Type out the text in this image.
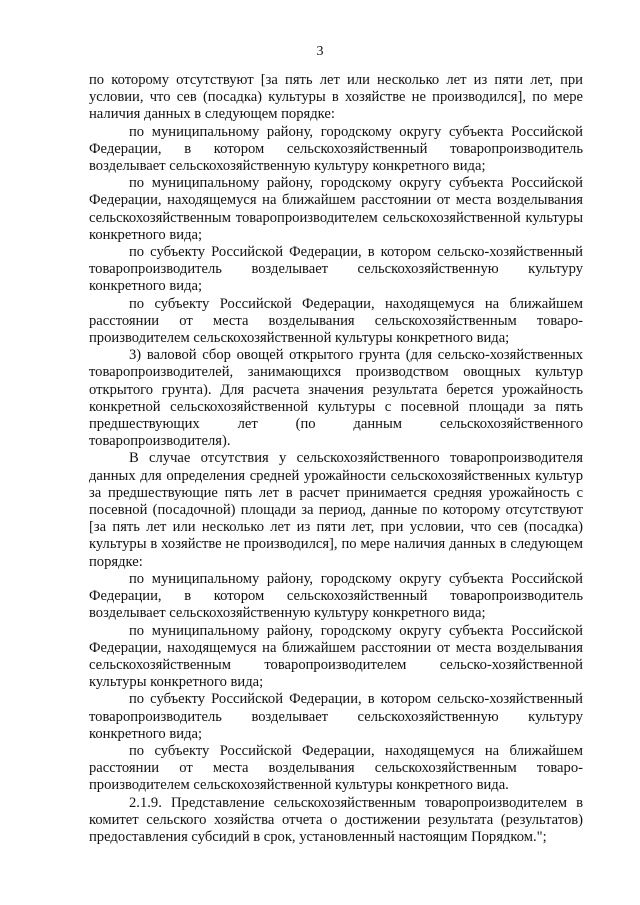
3

по которому отсутствуют [за пять лет или несколько лет из пяти лет, при условии, что сев (посадка) культуры в хозяйстве не производился], по мере наличия данных в следующем порядке:

по муниципальному району, городскому округу субъекта Российской Федерации, в котором сельскохозяйственный товаропроизводитель возделывает сельскохозяйственную культуру конкретного вида;

по муниципальному району, городскому округу субъекта Российской Федерации, находящемуся на ближайшем расстоянии от места возделывания сельскохозяйственным товаропроизводителем сельскохозяйственной культуры конкретного вида;

по субъекту Российской Федерации, в котором сельско-хозяйственный товаропроизводитель возделывает сельскохозяйственную культуру конкретного вида;

по субъекту Российской Федерации, находящемуся на ближайшем расстоянии от места возделывания сельскохозяйственным товаро-производителем сельскохозяйственной культуры конкретного вида;

3) валовой сбор овощей открытого грунта (для сельско-хозяйственных товаропроизводителей, занимающихся производством овощных культур открытого грунта). Для расчета значения результата берется урожайность конкретной сельскохозяйственной культуры с посевной площади за пять предшествующих лет (по данным сельскохозяйственного товаропроизводителя).

В случае отсутствия у сельскохозяйственного товаропроизводителя данных для определения средней урожайности сельскохозяйственных культур за предшествующие пять лет в расчет принимается средняя урожайность с посевной (посадочной) площади за период, данные по которому отсутствуют [за пять лет или несколько лет из пяти лет, при условии, что сев (посадка) культуры в хозяйстве не производился], по мере наличия данных в следующем порядке:

по муниципальному району, городскому округу субъекта Российской Федерации, в котором сельскохозяйственный товаропроизводитель возделывает сельскохозяйственную культуру конкретного вида;

по муниципальному району, городскому округу субъекта Российской Федерации, находящемуся на ближайшем расстоянии от места возделывания сельскохозяйственным товаропроизводителем сельско-хозяйственной культуры конкретного вида;

по субъекту Российской Федерации, в котором сельско-хозяйственный товаропроизводитель возделывает сельскохозяйственную культуру конкретного вида;

по субъекту Российской Федерации, находящемуся на ближайшем расстоянии от места возделывания сельскохозяйственным товаро-производителем сельскохозяйственной культуры конкретного вида.

2.1.9. Представление сельскохозяйственным товаропроизводителем в комитет сельского хозяйства отчета о достижении результата (результатов) предоставления субсидий в срок, установленный настоящим Порядком.";
